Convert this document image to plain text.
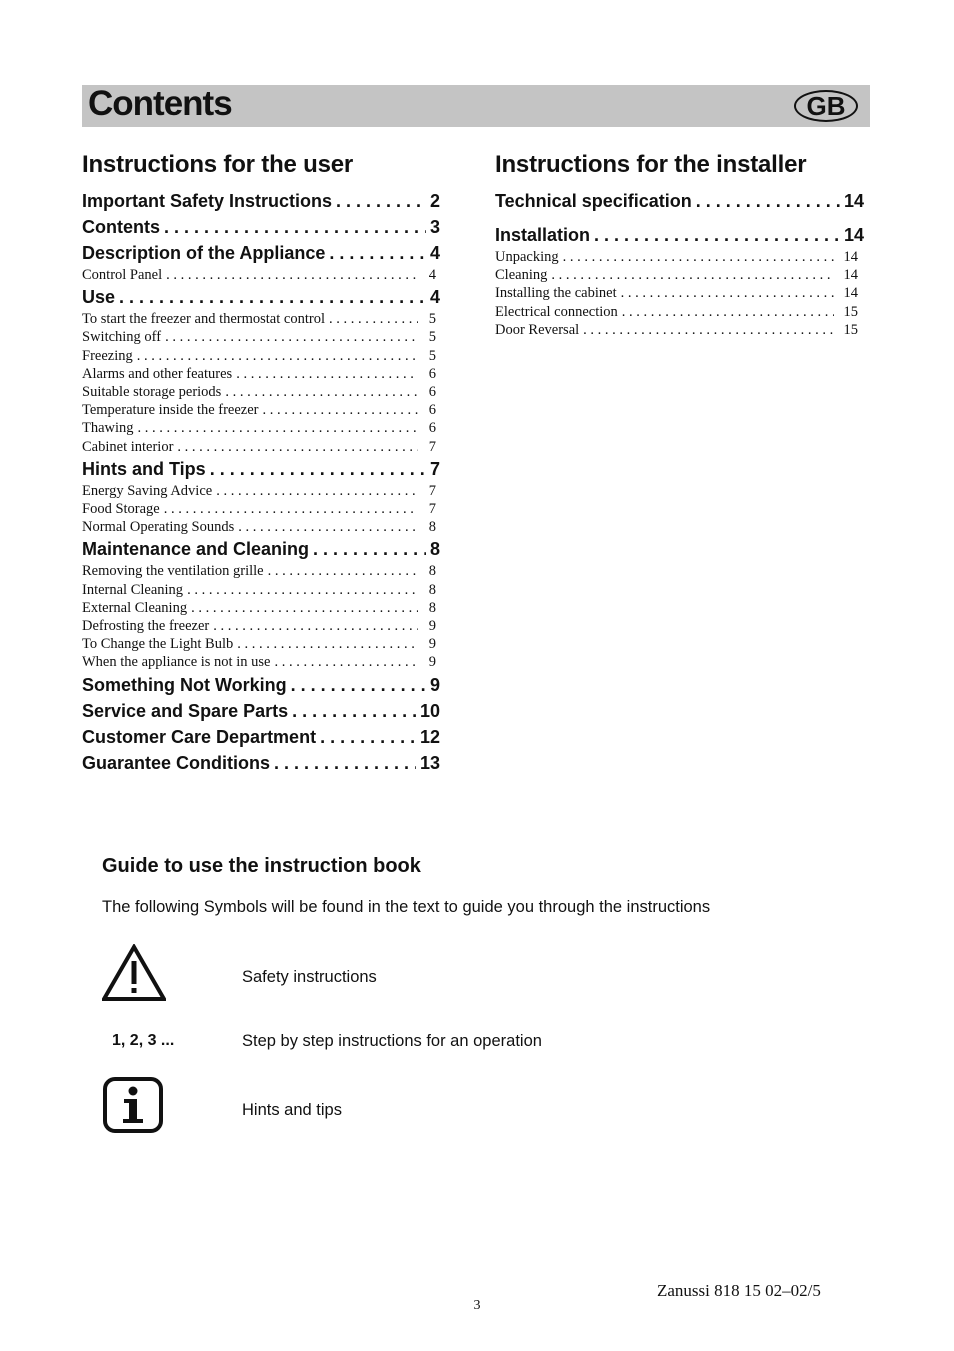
Contents	GB
Instructions for the user
Important Safety Instructions . . .	2
Contents . . .	3
Description of the Appliance . . .	4
Control Panel . . .	4
Use . . .	4
To start the freezer and thermostat control . . .	5
Switching off . . .	5
Freezing . . .	5
Alarms and other features . . .	6
Suitable storage periods . . .	6
Temperature inside the freezer . . .	6
Thawing . . .	6
Cabinet interior . . .	7
Hints and Tips . . .	7
Energy Saving Advice . . .	7
Food Storage . . .	7
Normal Operating Sounds . . .	8
Maintenance and Cleaning . . .	8
Removing the ventilation grille . . .	8
Internal Cleaning . . .	8
External Cleaning . . .	8
Defrosting the freezer . . .	9
To Change the Light Bulb . . .	9
When the appliance is not in use . . .	9
Something Not Working . . .	9
Service and Spare Parts . . .	10
Customer Care Department . . .	12
Guarantee Conditions . . .	13
Instructions for the installer
Technical specification . . .	14
Installation . . .	14
Unpacking . . .	14
Cleaning . . .	14
Installing the cabinet . . .	14
Electrical connection . . .	15
Door Reversal . . .	15
Guide to use the instruction book
The following Symbols will be found in the text to guide you through the instructions
Safety instructions
1, 2, 3 ...	Step by step instructions for an operation
Hints and tips
Zanussi 818 15 02–02/5
3
